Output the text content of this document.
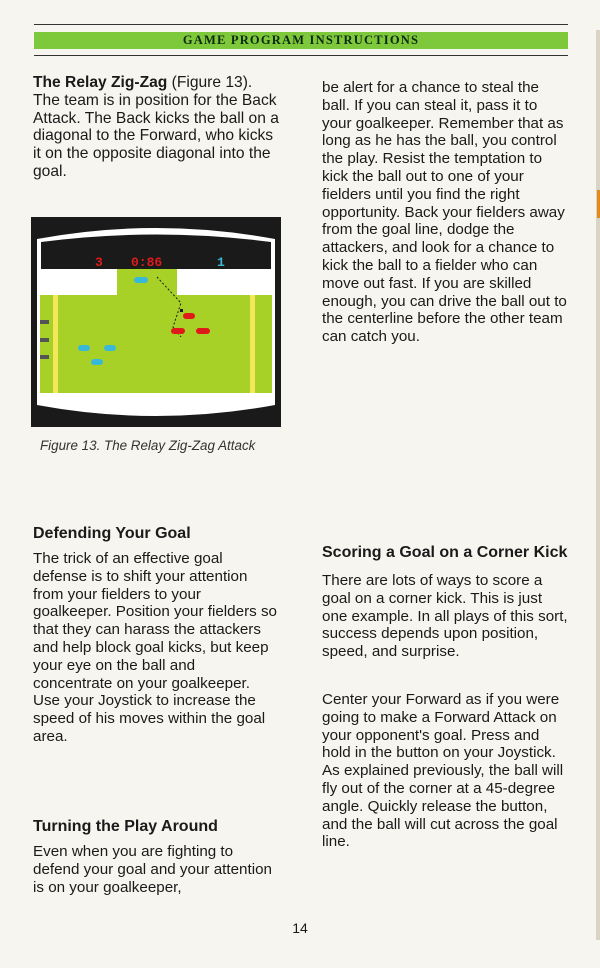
GAME PROGRAM INSTRUCTIONS

The Relay Zig-Zag (Figure 13). The team is in position for the Back Attack. The Back kicks the ball on a diagonal to the Forward, who kicks it on the opposite diagonal into the goal.

3 0:86	1
Figure 13. The Relay Zig-Zag Attack
Defending Your Goal

The trick of an effective goal defense is to shift your attention from your fielders to your goalkeeper. Position your fielders so that they can harass the attackers and help block goal kicks, but keep your eye on the ball and concentrate on your goalkeeper. Use your Joystick to increase the speed of his moves within the goal area.

Turning the Play Around

Even when you are fighting to defend your goal and your attention is on your goalkeeper,

be alert for a chance to steal the ball. If you can steal it, pass it to your goalkeeper. Remember that as long as he has the ball, you control the play. Resist the temptation to kick the ball out to one of your fielders until you find the right opportunity. Back your fielders away from the goal line, dodge the attackers, and look for a chance to kick the ball to a fielder who can move out fast. If you are skilled enough, you can drive the ball out to the centerline before the other team can catch you.

Scoring a Goal on a Corner Kick

There are lots of ways to score a goal on a corner kick. This is just one example. In all plays of this sort, success depends upon position, speed, and surprise.

Center your Forward as if you were going to make a Forward Attack on your opponent's goal. Press and hold in the button on your Joystick. As explained previously, the ball will fly out of the corner at a 45-degree angle. Quickly release the button, and the ball will cut across the goal line.

14
